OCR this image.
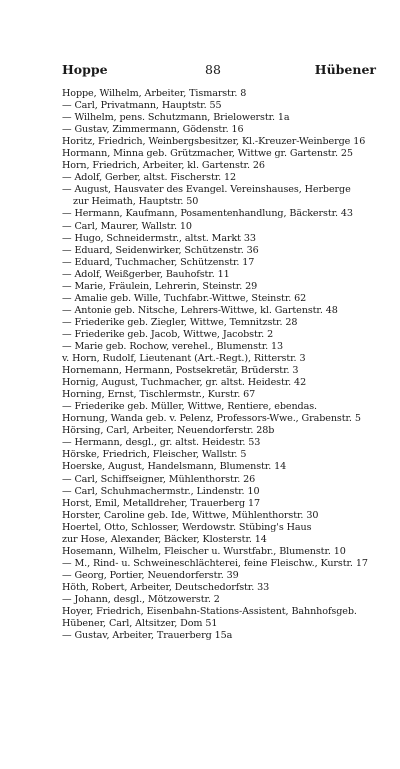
Hoppe	88	Hübener
Hoppe, Wilhelm, Arbeiter, Tismarstr. 8
— Carl, Privatmann, Hauptstr. 55
— Wilhelm, pens. Schutzmann, Brielowerstr. 1a
— Gustav, Zimmermann, Gödenstr. 16
Horitz, Friedrich, Weinbergsbesitzer, Kl.-Kreuzer-Weinberge 16
Hormann, Minna geb. Grützmacher, Wittwe gr. Gartenstr. 25
Horn, Friedrich, Arbeiter, kl. Gartenstr. 26
— Adolf, Gerber, altst. Fischerstr. 12
— August, Hausvater des Evangel. Vereinshauses, Herberge
zur Heimath, Hauptstr. 50
— Hermann, Kaufmann, Posamentenhandlung, Bäckerstr. 43
— Carl, Maurer, Wallstr. 10
— Hugo, Schneidermstr., altst. Markt 33
— Eduard, Seidenwirker, Schützenstr. 36
— Eduard, Tuchmacher, Schützenstr. 17
— Adolf, Weißgerber, Bauhofstr. 11
— Marie, Fräulein, Lehrerin, Steinstr. 29
— Amalie geb. Wille, Tuchfabr.-Wittwe, Steinstr. 62
— Antonie geb. Nitsche, Lehrers-Wittwe, kl. Gartenstr. 48
— Friederike geb. Ziegler, Wittwe, Temnitzstr. 28
— Friederike geb. Jacob, Wittwe, Jacobstr. 2
— Marie geb. Rochow, verehel., Blumenstr. 13
v. Horn, Rudolf, Lieutenant (Art.-Regt.), Ritterstr. 3
Hornemann, Hermann, Postsekretär, Brüderstr. 3
Hornig, August, Tuchmacher, gr. altst. Heidestr. 42
Horning, Ernst, Tischlermstr., Kurstr. 67
— Friederike geb. Müller, Wittwe, Rentiere, ebendas.
Hornung, Wanda geb. v. Pelenz, Professors-Wwe., Grabenstr. 5
Hörsing, Carl, Arbeiter, Neuendorferstr. 28b
— Hermann, desgl., gr. altst. Heidestr. 53
Hörske, Friedrich, Fleischer, Wallstr. 5
Hoerske, August, Handelsmann, Blumenstr. 14
— Carl, Schiffseigner, Mühlenthorstr. 26
— Carl, Schuhmachermstr., Lindenstr. 10
Horst, Emil, Metalldreher, Trauerberg 17
Horster, Caroline geb. Ide, Wittwe, Mühlenthorstr. 30
Hoertel, Otto, Schlosser, Werdowstr. Stübing's Haus
zur Hose, Alexander, Bäcker, Klosterstr. 14
Hosemann, Wilhelm, Fleischer u. Wurstfabr., Blumenstr. 10
— M., Rind- u. Schweineschlächterei, feine Fleischw., Kurstr. 17
— Georg, Portier, Neuendorferstr. 39
Höth, Robert, Arbeiter, Deutschedorfstr. 33
— Johann, desgl., Mötzowerstr. 2
Hoyer, Friedrich, Eisenbahn-Stations-Assistent, Bahnhofsgeb.
Hübener, Carl, Altsitzer, Dom 51
— Gustav, Arbeiter, Trauerberg 15a
